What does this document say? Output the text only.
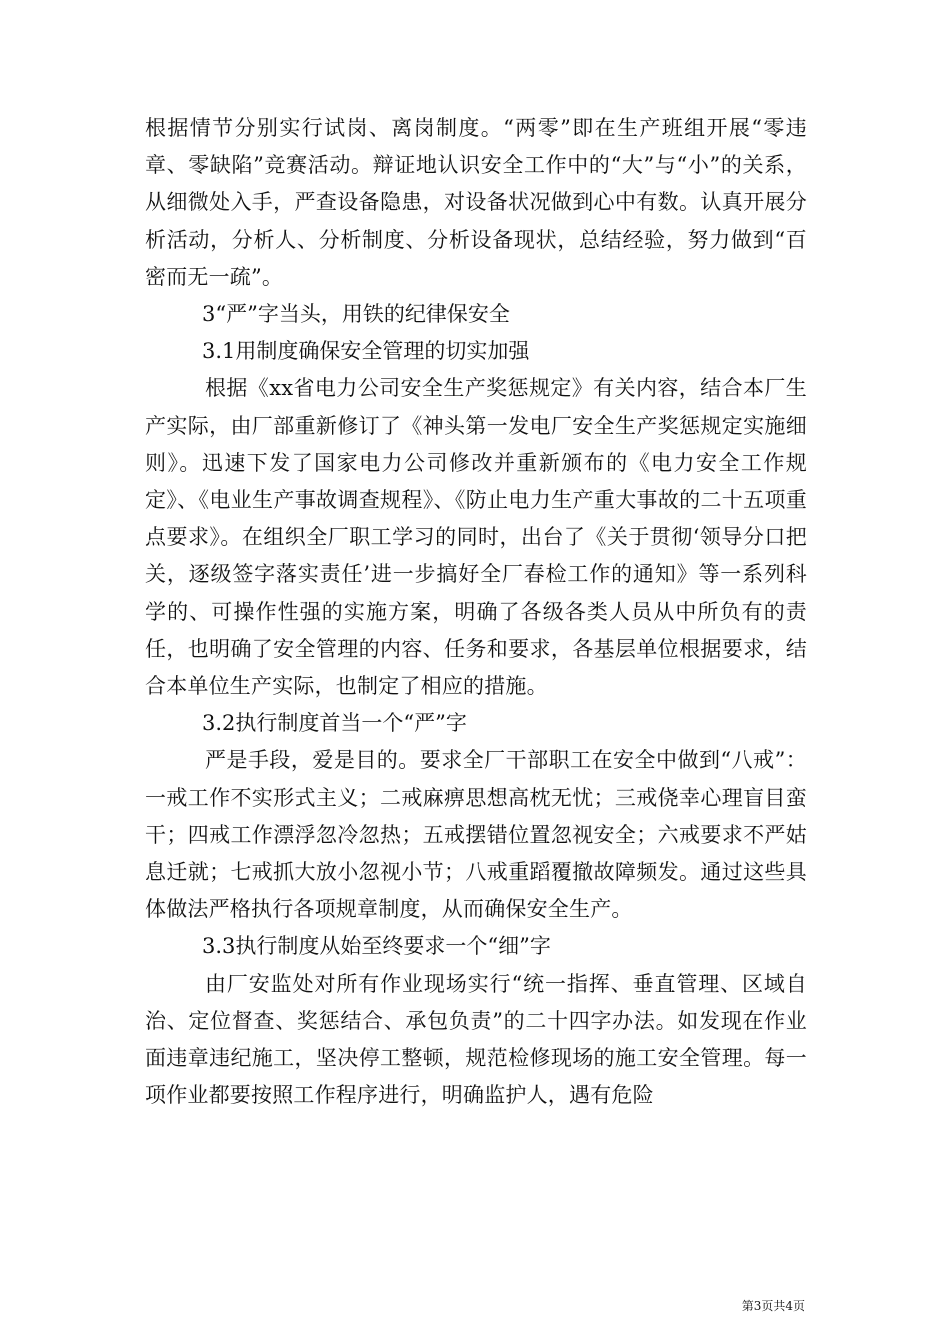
根据情节分别实行试岗、离岗制度。“两零”即在生产班组开展“零违章、零缺陷”竞赛活动。辩证地认识安全工作中的“大”与“小”的关系，从细微处入手，严查设备隐患，对设备状况做到心中有数。认真开展分析活动，分析人、分析制度、分析设备现状，总结经验，努力做到“百密而无一疏”。

3“严”字当头，用铁的纪律保安全

3.1用制度确保安全管理的切实加强

根据《xx省电力公司安全生产奖惩规定》有关内容，结合本厂生产实际，由厂部重新修订了《神头第一发电厂安全生产奖惩规定实施细则》。迅速下发了国家电力公司修改并重新颁布的《电力安全工作规定》、《电业生产事故调查规程》、《防止电力生产重大事故的二十五项重点要求》。在组织全厂职工学习的同时，出台了《关于贯彻‘领导分口把关，逐级签字落实责任’进一步搞好全厂春检工作的通知》等一系列科学的、可操作性强的实施方案，明确了各级各类人员从中所负有的责任，也明确了安全管理的内容、任务和要求，各基层单位根据要求，结合本单位生产实际，也制定了相应的措施。

3.2执行制度首当一个“严”字

严是手段，爱是目的。要求全厂干部职工在安全中做到“八戒”：一戒工作不实形式主义；二戒麻痹思想高枕无忧；三戒侥幸心理盲目蛮干；四戒工作漂浮忽冷忽热；五戒摆错位置忽视安全；六戒要求不严姑息迁就；七戒抓大放小忽视小节；八戒重蹈覆撤故障频发。通过这些具体做法严格执行各项规章制度，从而确保安全生产。

3.3执行制度从始至终要求一个“细”字

由厂安监处对所有作业现场实行“统一指挥、垂直管理、区域自治、定位督查、奖惩结合、承包负责”的二十四字办法。如发现在作业面违章违纪施工，坚决停工整顿，规范检修现场的施工安全管理。每一项作业都要按照工作程序进行，明确监护人，遇有危险

第3页共4页
